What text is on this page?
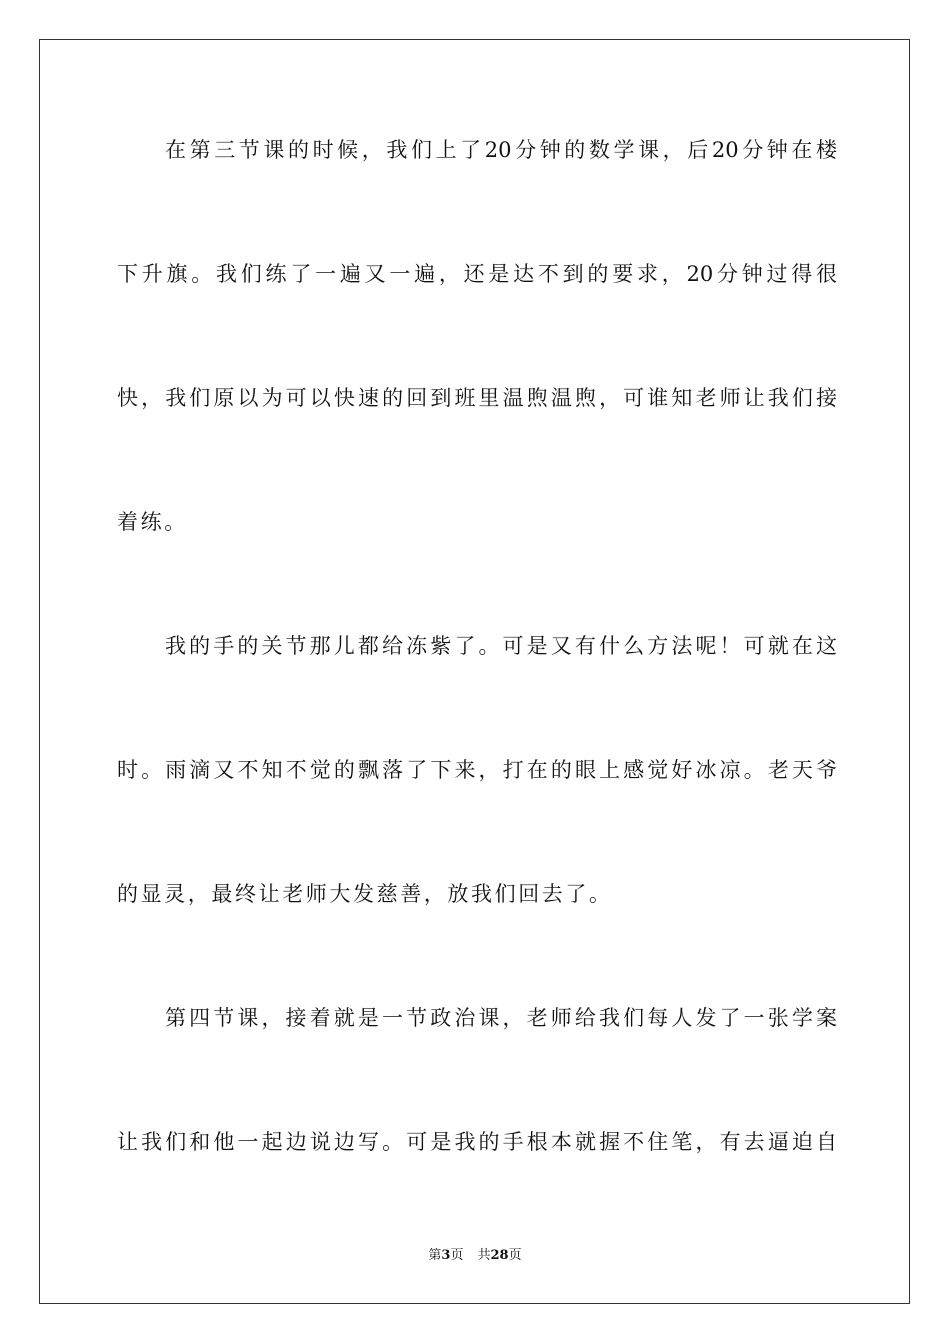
在第三节课的时候，我们上了20分钟的数学课，后20分钟在楼
下升旗。我们练了一遍又一遍，还是达不到的要求，20分钟过得很
快，我们原以为可以快速的回到班里温煦温煦，可谁知老师让我们接
着练。
我的手的关节那儿都给冻紫了。可是又有什么方法呢！可就在这
时。雨滴又不知不觉的飘落了下来，打在的眼上感觉好冰凉。老天爷
的显灵，最终让老师大发慈善，放我们回去了。
第四节课，接着就是一节政治课，老师给我们每人发了一张学案
让我们和他一起边说边写。可是我的手根本就握不住笔，有去逼迫自
第3页 共28页
